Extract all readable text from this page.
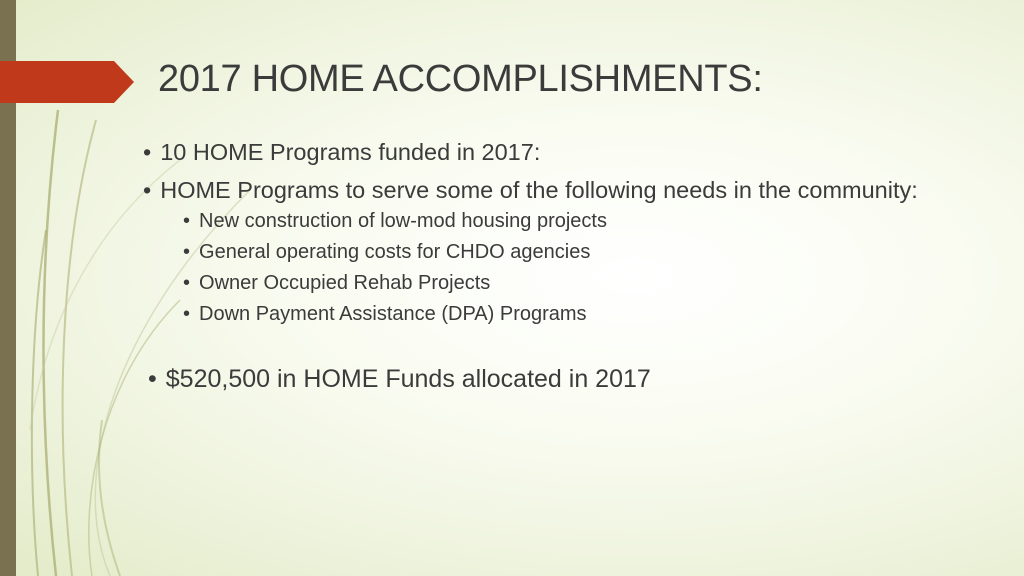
2017 HOME ACCOMPLISHMENTS:
• 10 HOME Programs funded in 2017:
• HOME Programs to serve some of the following needs in the community:
• New construction of low-mod housing projects
• General operating costs for CHDO agencies
• Owner Occupied Rehab Projects
• Down Payment Assistance (DPA) Programs
• $520,500 in HOME Funds allocated in 2017
